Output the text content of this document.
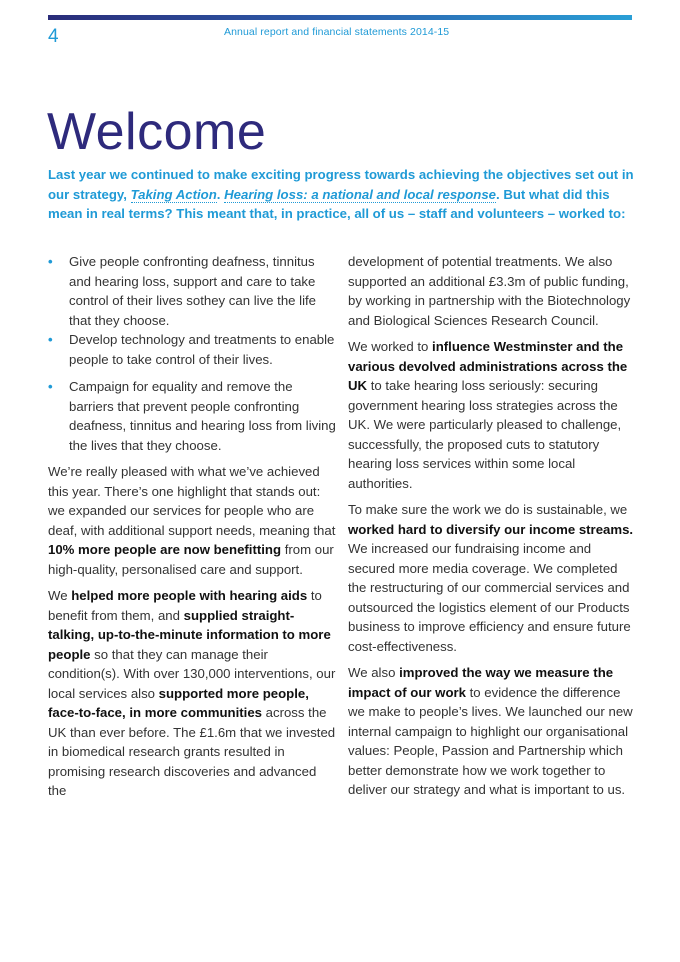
4	Annual report and financial statements 2014-15
Welcome

Last year we continued to make exciting progress towards achieving the objectives set out in our strategy, Taking Action. Hearing loss: a national and local response. But what did this mean in real terms? This meant that, in practice, all of us – staff and volunteers – worked to:

• Give people confronting deafness, tinnitus and hearing loss, support and care to take control of their lives sothey can live the life that they choose.
• Develop technology and treatments to enable people to take control of their lives.
• Campaign for equality and remove the barriers that prevent people confronting deafness, tinnitus and hearing loss from living the lives that they choose.

We’re really pleased with what we’ve achieved this year. There’s one highlight that stands out: we expanded our services for people who are deaf, with additional support needs, meaning that 10% more people are now benefitting from our high-quality, personalised care and support.

We helped more people with hearing aids to benefit from them, and supplied straight-talking, up-to-the-minute information to more people so that they can manage their condition(s). With over 130,000 interventions, our local services also supported more people, face-to-face, in more communities across the UK than ever before. The £1.6m that we invested in biomedical research grants resulted in promising research discoveries and advanced the

development of potential treatments. We also supported an additional £3.3m of public funding, by working in partnership with the Biotechnology and Biological Sciences Research Council.

We worked to influence Westminster and the various devolved administrations across the UK to take hearing loss seriously: securing government hearing loss strategies across the UK. We were particularly pleased to challenge, successfully, the proposed cuts to statutory hearing loss services within some local authorities.

To make sure the work we do is sustainable, we worked hard to diversify our income streams. We increased our fundraising income and secured more media coverage. We completed the restructuring of our commercial services and outsourced the logistics element of our Products business to improve efficiency and ensure future cost-effectiveness.

We also improved the way we measure the impact of our work to evidence the difference we make to people’s lives. We launched our new internal campaign to highlight our organisational values: People, Passion and Partnership which better demonstrate how we work together to deliver our strategy and what is important to us.
